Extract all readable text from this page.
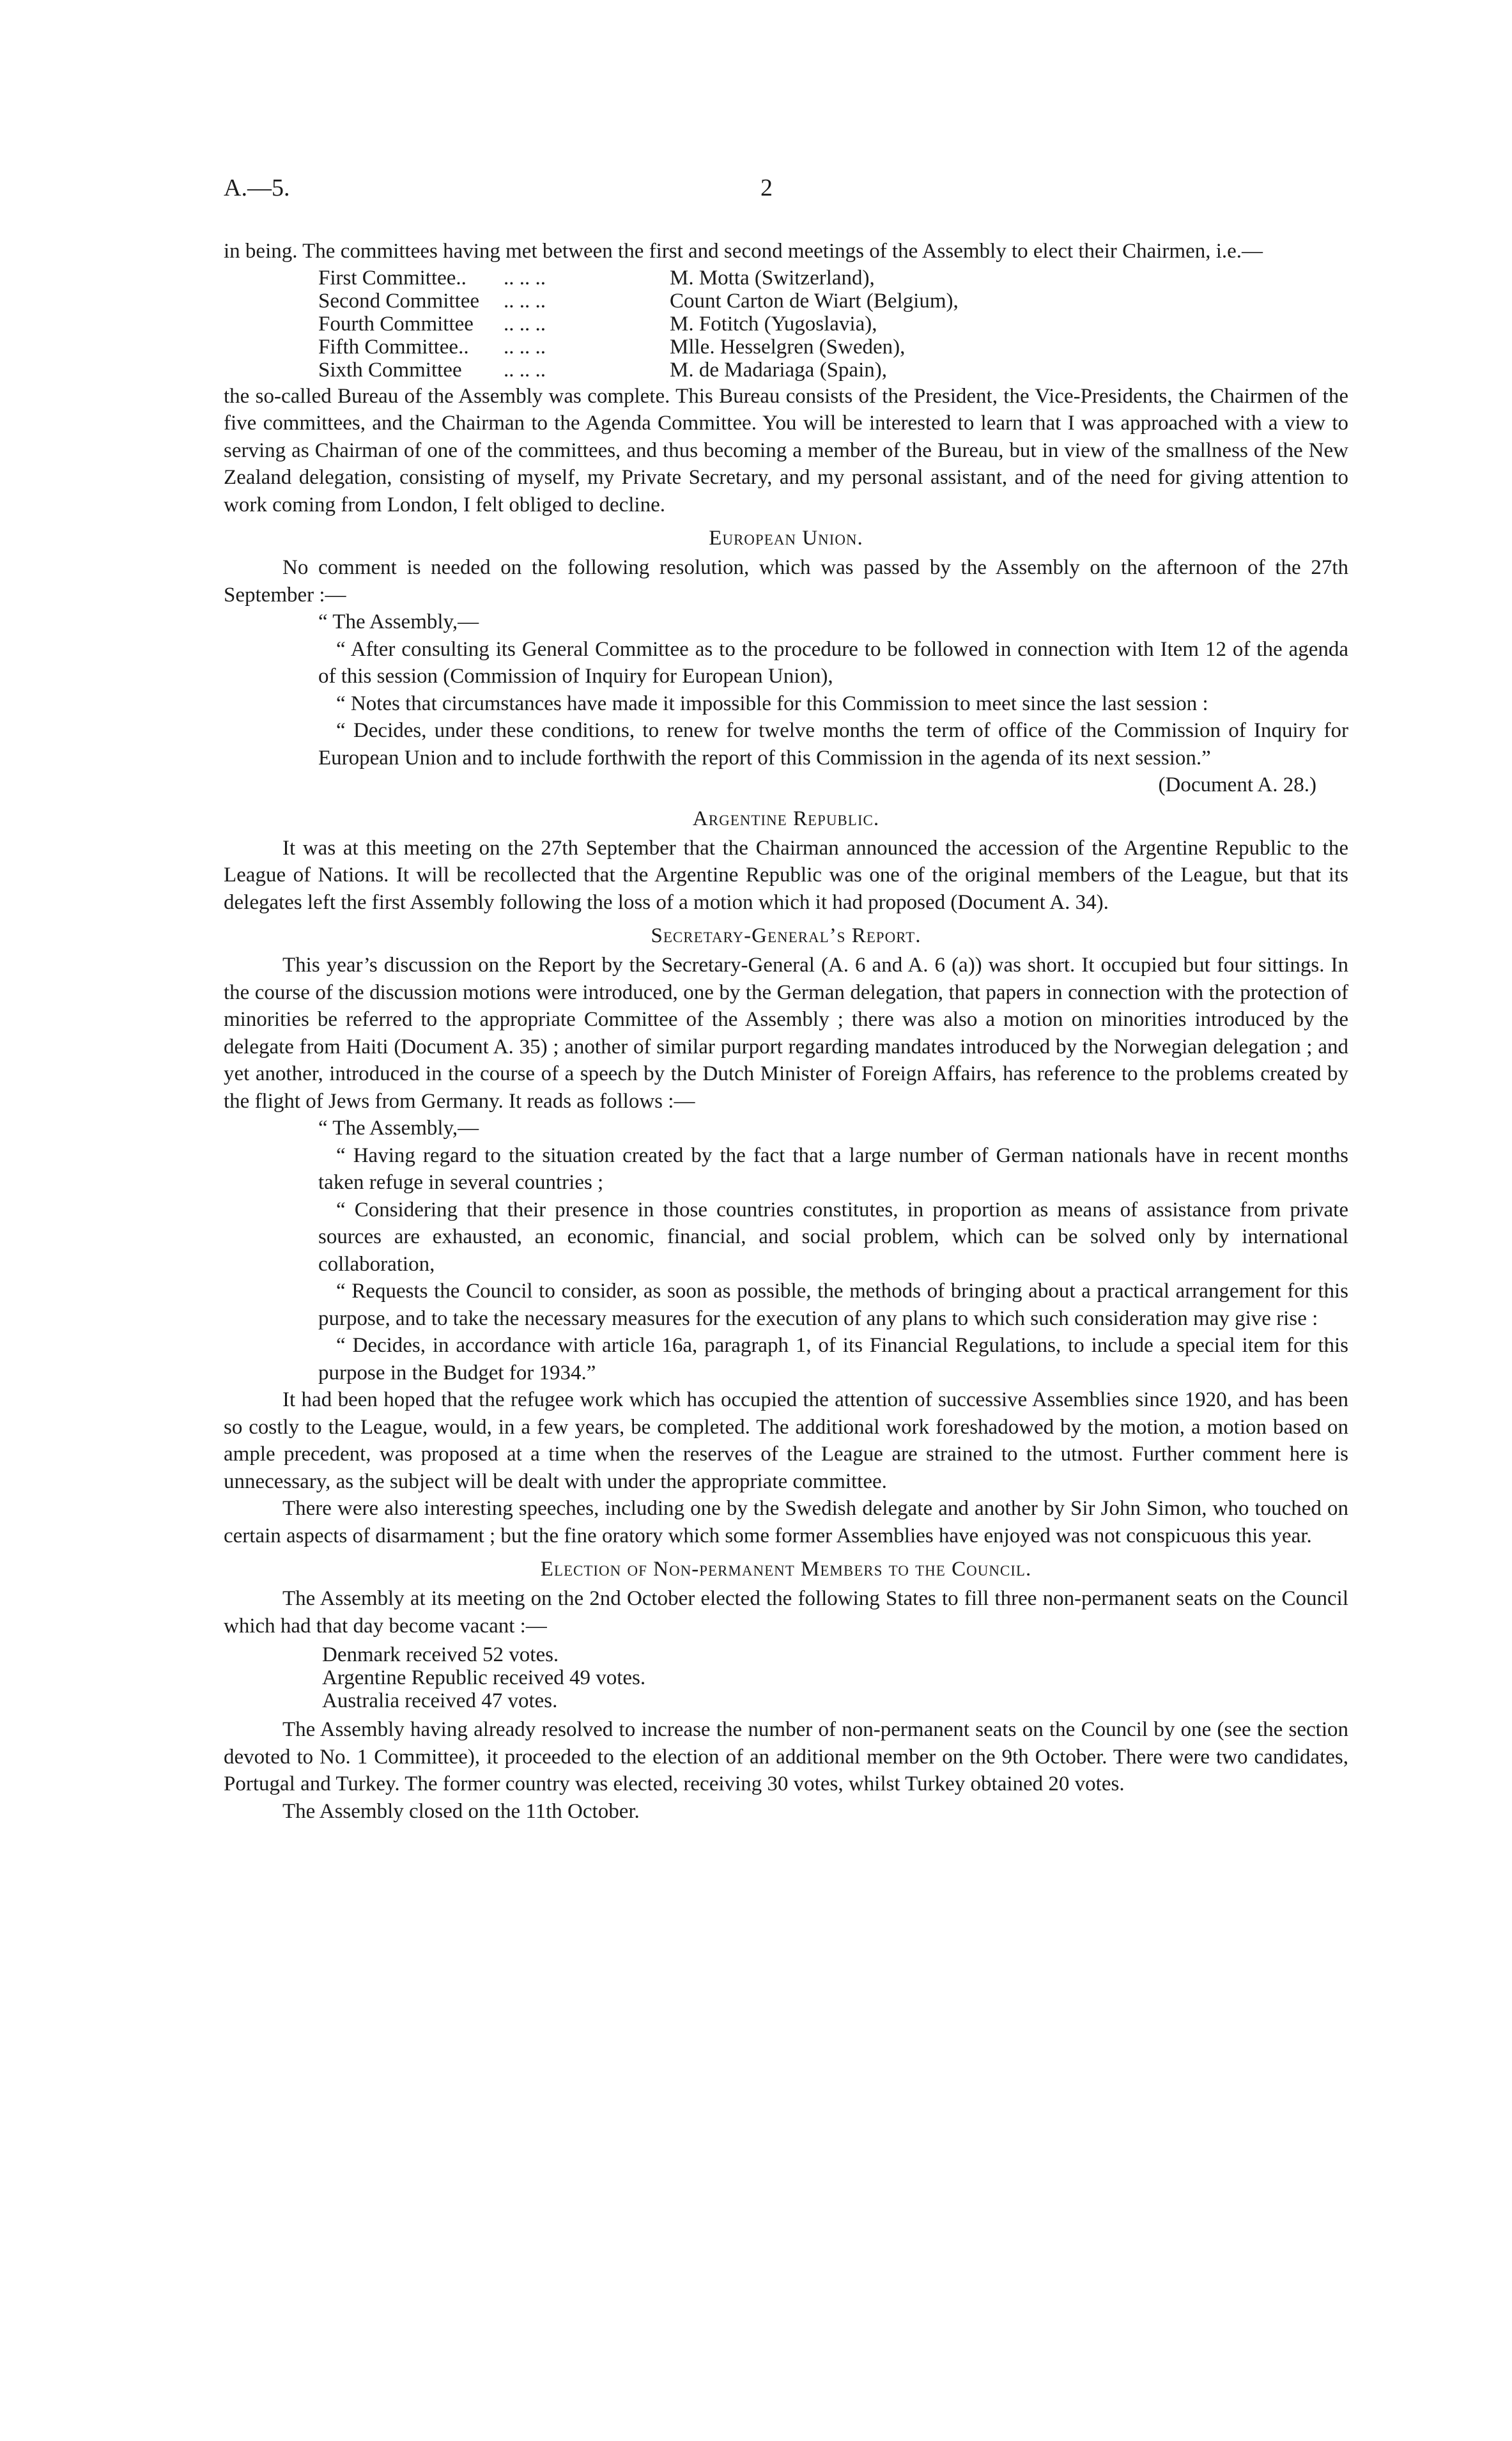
A.—5.	2

in being. The committees having met between the first and second meetings of the Assembly to elect their Chairmen, i.e.—

First Committee..	.. .. ..	M. Motta (Switzerland),
Second Committee	.. .. ..	Count Carton de Wiart (Belgium),
Fourth Committee	.. .. ..	M. Fotitch (Yugoslavia),
Fifth Committee..	.. .. ..	Mlle. Hesselgren (Sweden),
Sixth Committee	.. .. ..	M. de Madariaga (Spain),

the so-called Bureau of the Assembly was complete. This Bureau consists of the President, the Vice-Presidents, the Chairmen of the five committees, and the Chairman to the Agenda Committee. You will be interested to learn that I was approached with a view to serving as Chairman of one of the committees, and thus becoming a member of the Bureau, but in view of the smallness of the New Zealand delegation, consisting of myself, my Private Secretary, and my personal assistant, and of the need for giving attention to work coming from London, I felt obliged to decline.

European Union.

No comment is needed on the following resolution, which was passed by the Assembly on the afternoon of the 27th September :—

“ The Assembly,—

“ After consulting its General Committee as to the procedure to be followed in connection with Item 12 of the agenda of this session (Commission of Inquiry for European Union),

“ Notes that circumstances have made it impossible for this Commission to meet since the last session :

“ Decides, under these conditions, to renew for twelve months the term of office of the Commission of Inquiry for European Union and to include forthwith the report of this Commission in the agenda of its next session.”

(Document A. 28.)

Argentine Republic.

It was at this meeting on the 27th September that the Chairman announced the accession of the Argentine Republic to the League of Nations. It will be recollected that the Argentine Republic was one of the original members of the League, but that its delegates left the first Assembly following the loss of a motion which it had proposed (Document A. 34).

Secretary-General’s Report.

This year’s discussion on the Report by the Secretary-General (A. 6 and A. 6 (a)) was short. It occupied but four sittings. In the course of the discussion motions were introduced, one by the German delegation, that papers in connection with the protection of minorities be referred to the appropriate Committee of the Assembly ; there was also a motion on minorities introduced by the delegate from Haiti (Document A. 35) ; another of similar purport regarding mandates introduced by the Norwegian delegation ; and yet another, introduced in the course of a speech by the Dutch Minister of Foreign Affairs, has reference to the problems created by the flight of Jews from Germany. It reads as follows :—

“ The Assembly,—

“ Having regard to the situation created by the fact that a large number of German nationals have in recent months taken refuge in several countries ;

“ Considering that their presence in those countries constitutes, in proportion as means of assistance from private sources are exhausted, an economic, financial, and social problem, which can be solved only by international collaboration,

“ Requests the Council to consider, as soon as possible, the methods of bringing about a practical arrangement for this purpose, and to take the necessary measures for the execution of any plans to which such consideration may give rise :

“ Decides, in accordance with article 16a, paragraph 1, of its Financial Regulations, to include a special item for this purpose in the Budget for 1934.”

It had been hoped that the refugee work which has occupied the attention of successive Assemblies since 1920, and has been so costly to the League, would, in a few years, be completed. The additional work foreshadowed by the motion, a motion based on ample precedent, was proposed at a time when the reserves of the League are strained to the utmost. Further comment here is unnecessary, as the subject will be dealt with under the appropriate committee.

There were also interesting speeches, including one by the Swedish delegate and another by Sir John Simon, who touched on certain aspects of disarmament ; but the fine oratory which some former Assemblies have enjoyed was not conspicuous this year.

Election of Non-permanent Members to the Council.

The Assembly at its meeting on the 2nd October elected the following States to fill three non-permanent seats on the Council which had that day become vacant :—

Denmark received 52 votes.
Argentine Republic received 49 votes.
Australia received 47 votes.

The Assembly having already resolved to increase the number of non-permanent seats on the Council by one (see the section devoted to No. 1 Committee), it proceeded to the election of an additional member on the 9th October. There were two candidates, Portugal and Turkey. The former country was elected, receiving 30 votes, whilst Turkey obtained 20 votes.

The Assembly closed on the 11th October.
